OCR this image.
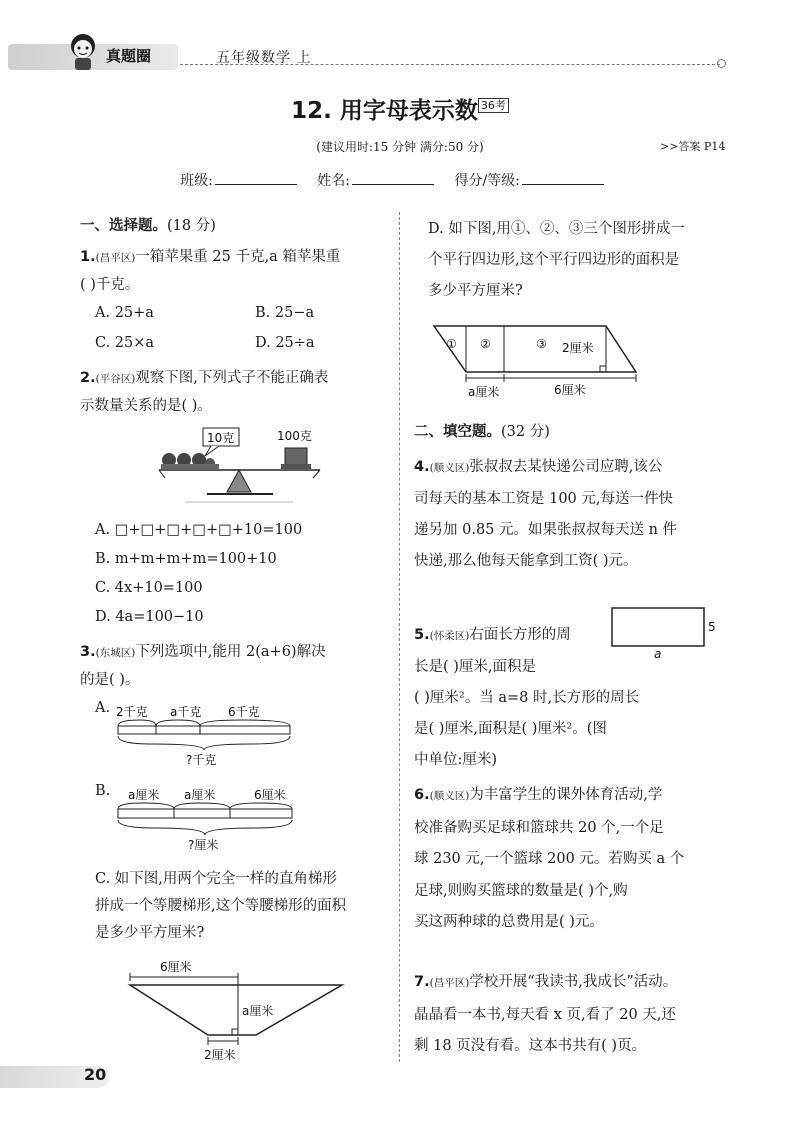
真题圈	五年级数学 上
12. 用字母表示数 $^{36考}$
(建议用时:15 分钟 满分:50 分)	>>答案 P14
班级:	姓名:	得分/等级:
一、选择题。(18 分)
1.(昌平区)一箱苹果重 25 千克,a 箱苹果重
( )千克。
A. 25+a	B. 25−a
C. 25×a	D. 25÷a
2.(平谷区)观察下图,下列式子不能正确表
示数量关系的是( )。
10克	100克
A. □+□+□+□+□+10=100
B. m+m+m+m=100+10
C. 4x+10=100
D. 4a=100−10
3.(东城区)下列选项中,能用 2(a+6)解决
的是( )。
A. 2千克 a千克 6千克
?千克
B. a厘米 a厘米	6厘米
?厘米
C. 如下图,用两个完全一样的直角梯形
拼成一个等腰梯形,这个等腰梯形的面积
是多少平方厘米?
6厘米
a厘米
2厘米
D. 如下图,用①、②、③三个图形拼成一
个平行四边形,这个平行四边形的面积是
多少平方厘米?
① ②	③ 2厘米
a厘米	6厘米
二、填空题。(32 分)
4.(顺义区)张叔叔去某快递公司应聘,该公
司每天的基本工资是 100 元,每送一件快
递另加 0.85 元。如果张叔叔每天送 n 件
快递,那么他每天能拿到工资( )元。
5.(怀柔区)右面长方形的周
长是( )厘米,面积是
( )厘米²。当 a=8 时,长方形的周长
是( )厘米,面积是( )厘米²。(图
中单位:厘米)
5
a
6.(顺义区)为丰富学生的课外体育活动,学
校准备购买足球和篮球共 20 个,一个足
球 230 元,一个篮球 200 元。若购买 a 个
足球,则购买篮球的数量是( )个,购
买这两种球的总费用是( )元。
7.(昌平区)学校开展“我读书,我成长”活动。
晶晶看一本书,每天看 x 页,看了 20 天,还
剩 18 页没有看。这本书共有( )页。
20
